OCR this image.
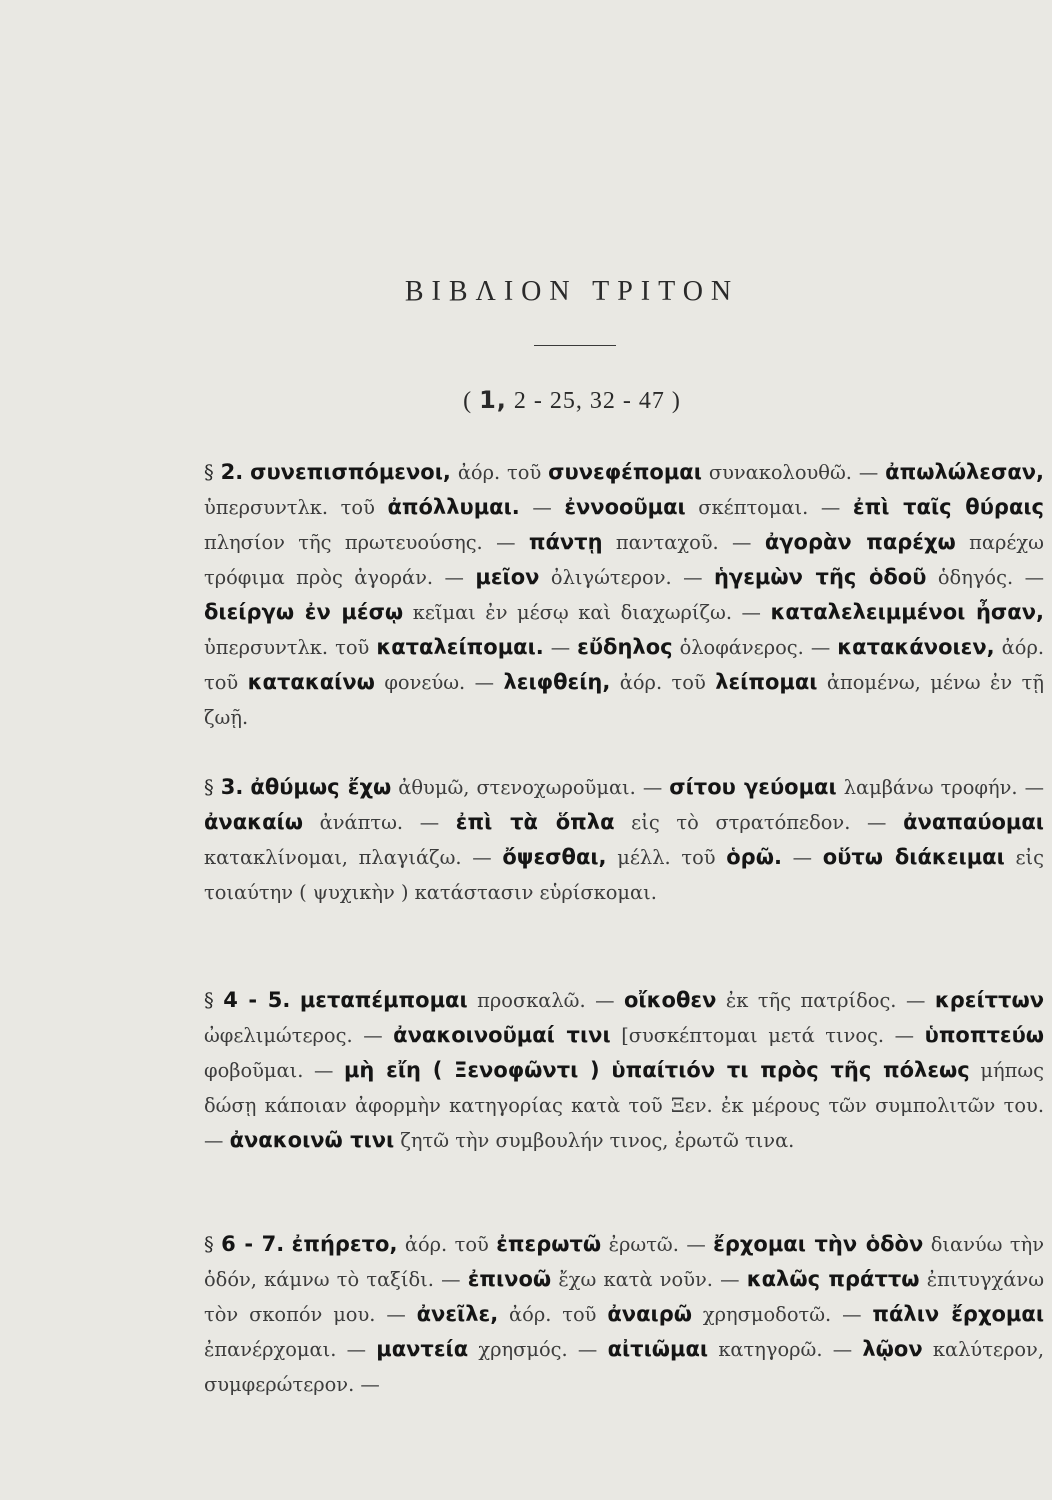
ΒΙΒΛΙΟΝ ΤΡΙΤΟΝ
( 1, 2 - 25, 32 - 47 )
§ 2. συνεπισπόμενοι, ἀόρ. τοῦ συνεφέπομαι συνακολουθῶ. — ἀπωλώλεσαν, ὑπερσυντλκ. τοῦ ἀπόλλυμαι. — ἐννοοῦμαι σκέπτομαι. — ἐπὶ ταῖς θύραις πλησίον τῆς πρωτευούσης. — πάντῃ πανταχοῦ. — ἀγορὰν παρέχω παρέχω τρόφιμα πρὸς ἀγοράν. — μεῖον ὀλιγώτερον. — ἡγεμὼν τῆς ὁδοῦ ὁδηγός. — διείργω ἐν μέσῳ κεῖμαι ἐν μέσῳ καὶ διαχωρίζω. — καταλελειμμένοι ἦσαν, ὑπερσυντλκ. τοῦ καταλείπομαι. — εὔδηλος ὁλοφάνερος. — κατακάνοιεν, ἀόρ. τοῦ κατακαίνω φονεύω. — λειφθείη, ἀόρ. τοῦ λείπομαι ἀπομένω, μένω ἐν τῇ ζωῇ.
§ 3. ἀθύμως ἔχω ἀθυμῶ, στενοχωροῦμαι. — σίτου γεύομαι λαμβάνω τροφήν. — ἀνακαίω ἀνάπτω. — ἐπὶ τὰ ὅπλα εἰς τὸ στρατόπεδον. — ἀναπαύομαι κατακλίνομαι, πλαγιάζω. — ὄψεσθαι, μέλλ. τοῦ ὁρῶ. — οὕτω διάκειμαι εἰς τοιαύτην ( ψυχικὴν ) κατάστασιν εὑρίσκομαι.
§ 4 - 5. μεταπέμπομαι προσκαλῶ. — οἴκοθεν ἐκ τῆς πατρίδος. — κρείττων ὠφελιμώτερος. — ἀνακοινοῦμαί τινι [συσκέπτομαι μετά τινος. — ὑποπτεύω φοβοῦμαι. — μὴ εἴη ( Ξενοφῶντι ) ὑπαίτιόν τι πρὸς τῆς πόλεως μήπως δώσῃ κάποιαν ἀφορμὴν κατηγορίας κατὰ τοῦ Ξεν. ἐκ μέρους τῶν συμπολιτῶν του. — ἀνακοινῶ τινι ζητῶ τὴν συμβουλήν τινος, ἐρωτῶ τινα.
§ 6 - 7. ἐπήρετο, ἀόρ. τοῦ ἐπερωτῶ ἐρωτῶ. — ἔρχομαι τὴν ὁδὸν διανύω τὴν ὁδόν, κάμνω τὸ ταξίδι. — ἐπινοῶ ἔχω κατὰ νοῦν. — καλῶς πράττω ἐπιτυγχάνω τὸν σκοπόν μου. — ἀνεῖλε, ἀόρ. τοῦ ἀναιρῶ χρησμοδοτῶ. — πάλιν ἔρχομαι ἐπανέρχομαι. — μαντεία χρησμός. — αἰτιῶμαι κατηγορῶ. — λῷον καλύτερον, συμφερώτερον. —
